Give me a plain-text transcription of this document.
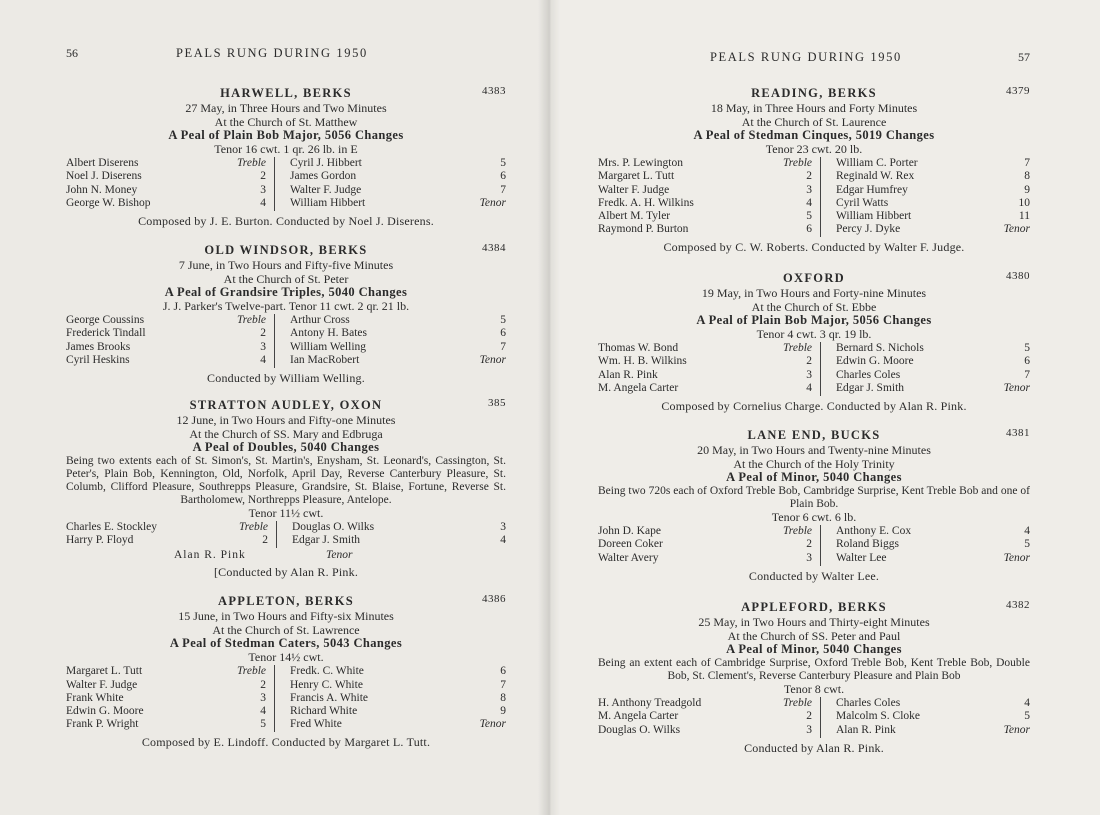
56	PEALS RUNG DURING 1950
HARWELL, BERKS	4383
27 May, in Three Hours and Two Minutes
At the Church of St. Matthew
A Peal of Plain Bob Major, 5056 Changes
Tenor 16 cwt. 1 qr. 26 lb. in E
Albert Diserens	Treble
Noel J. Diserens	2
John N. Money	3
George W. Bishop	4
Cyril J. Hibbert	5
James Gordon	6
Walter F. Judge	7
William Hibbert	Tenor
Composed by J. E. Burton. Conducted by Noel J. Diserens.
OLD WINDSOR, BERKS	4384
7 June, in Two Hours and Fifty-five Minutes
At the Church of St. Peter
A Peal of Grandsire Triples, 5040 Changes
J. J. Parker's Twelve-part. Tenor 11 cwt. 2 qr. 21 lb.
George Coussins	Treble
Frederick Tindall	2
James Brooks	3
Cyril Heskins	4
Arthur Cross	5
Antony H. Bates	6
William Welling	7
Ian MacRobert	Tenor
Conducted by William Welling.
STRATTON AUDLEY, OXON	385
12 June, in Two Hours and Fifty-one Minutes
At the Church of SS. Mary and Edbruga
A Peal of Doubles, 5040 Changes
Being two extents each of St. Simon's, St. Martin's, Enysham, St. Leonard's, Cassington, St. Peter's, Plain Bob, Kennington, Old, Norfolk, April Day, Reverse Canterbury Pleasure, St. Columb, Clifford Pleasure, Southrepps Pleasure, Grandsire, St. Blaise, Fortune, Reverse St. Bartholomew, Northrepps Pleasure, Antelope.
Tenor 11½ cwt.
Charles E. Stockley	Treble
Harry P. Floyd	2
Douglas O. Wilks	3
Edgar J. Smith	4
Alan R. Pink	Tenor
[Conducted by Alan R. Pink.
APPLETON, BERKS	4386
15 June, in Two Hours and Fifty-six Minutes
At the Church of St. Lawrence
A Peal of Stedman Caters, 5043 Changes
Tenor 14½ cwt.
Margaret L. Tutt	Treble
Walter F. Judge	2
Frank White	3
Edwin G. Moore	4
Frank P. Wright	5
Fredk. C. White	6
Henry C. White	7
Francis A. White	8
Richard White	9
Fred White	Tenor
Composed by E. Lindoff. Conducted by Margaret L. Tutt.
PEALS RUNG DURING 1950	57
READING, BERKS	4379
18 May, in Three Hours and Forty Minutes
At the Church of St. Laurence
A Peal of Stedman Cinques, 5019 Changes
Tenor 23 cwt. 20 lb.
Mrs. P. Lewington	Treble
Margaret L. Tutt	2
Walter F. Judge	3
Fredk. A. H. Wilkins	4
Albert M. Tyler	5
Raymond P. Burton	6
William C. Porter	7
Reginald W. Rex	8
Edgar Humfrey	9
Cyril Watts	10
William Hibbert	11
Percy J. Dyke	Tenor
Composed by C. W. Roberts. Conducted by Walter F. Judge.
OXFORD	4380
19 May, in Two Hours and Forty-nine Minutes
At the Church of St. Ebbe
A Peal of Plain Bob Major, 5056 Changes
Tenor 4 cwt. 3 qr. 19 lb.
Thomas W. Bond	Treble
Wm. H. B. Wilkins	2
Alan R. Pink	3
M. Angela Carter	4
Bernard S. Nichols	5
Edwin G. Moore	6
Charles Coles	7
Edgar J. Smith	Tenor
Composed by Cornelius Charge. Conducted by Alan R. Pink.
LANE END, BUCKS	4381
20 May, in Two Hours and Twenty-nine Minutes
At the Church of the Holy Trinity
A Peal of Minor, 5040 Changes
Being two 720s each of Oxford Treble Bob, Cambridge Surprise, Kent Treble Bob and one of Plain Bob.
Tenor 6 cwt. 6 lb.
John D. Kape	Treble
Doreen Coker	2
Walter Avery	3
Anthony E. Cox	4
Roland Biggs	5
Walter Lee	Tenor
Conducted by Walter Lee.
APPLEFORD, BERKS	4382
25 May, in Two Hours and Thirty-eight Minutes
At the Church of SS. Peter and Paul
A Peal of Minor, 5040 Changes
Being an extent each of Cambridge Surprise, Oxford Treble Bob, Kent Treble Bob, Double Bob, St. Clement's, Reverse Canterbury Pleasure and Plain Bob
Tenor 8 cwt.
H. Anthony Treadgold	Treble
M. Angela Carter	2
Douglas O. Wilks	3
Charles Coles	4
Malcolm S. Cloke	5
Alan R. Pink	Tenor
Conducted by Alan R. Pink.
